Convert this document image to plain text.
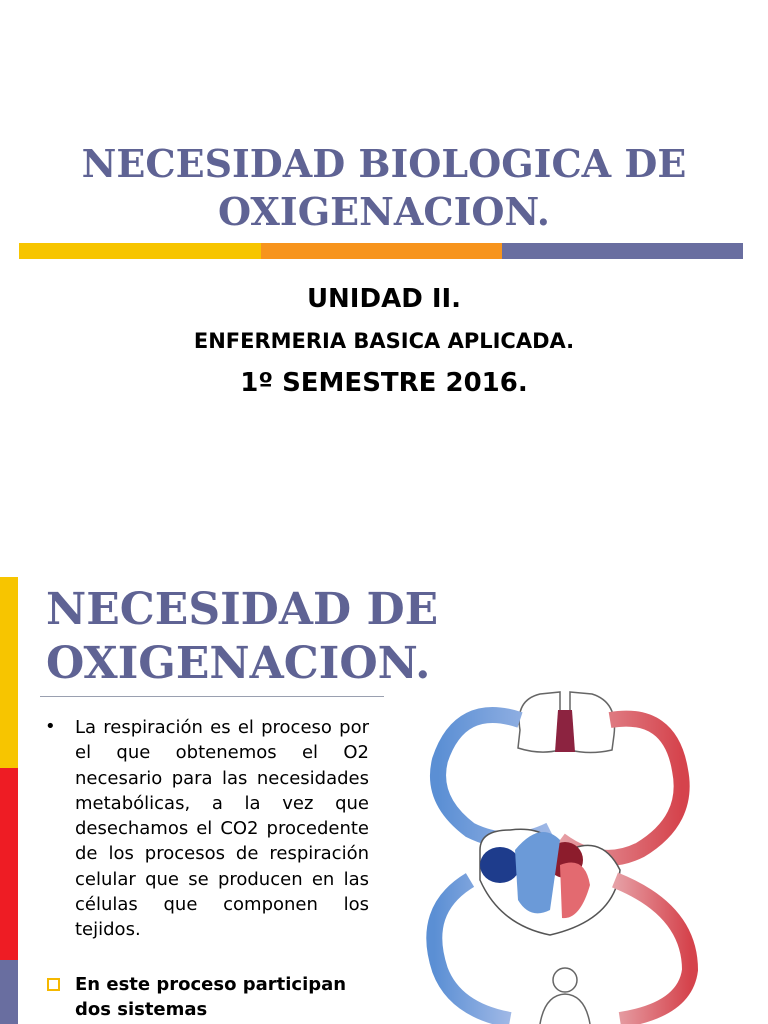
NECESIDAD BIOLOGICA DE OXIGENACION.
UNIDAD II.
ENFERMERIA BASICA APLICADA.
1º SEMESTRE 2016.
NECESIDAD DE
OXIGENACION.
• La respiración es el proceso por el que obtenemos el O2 necesario para las necesidades metabólicas, a la vez que desechamos el CO2 procedente de los procesos de respiración celular que se producen en las células que componen los tejidos.
En este proceso participan dos sistemas
